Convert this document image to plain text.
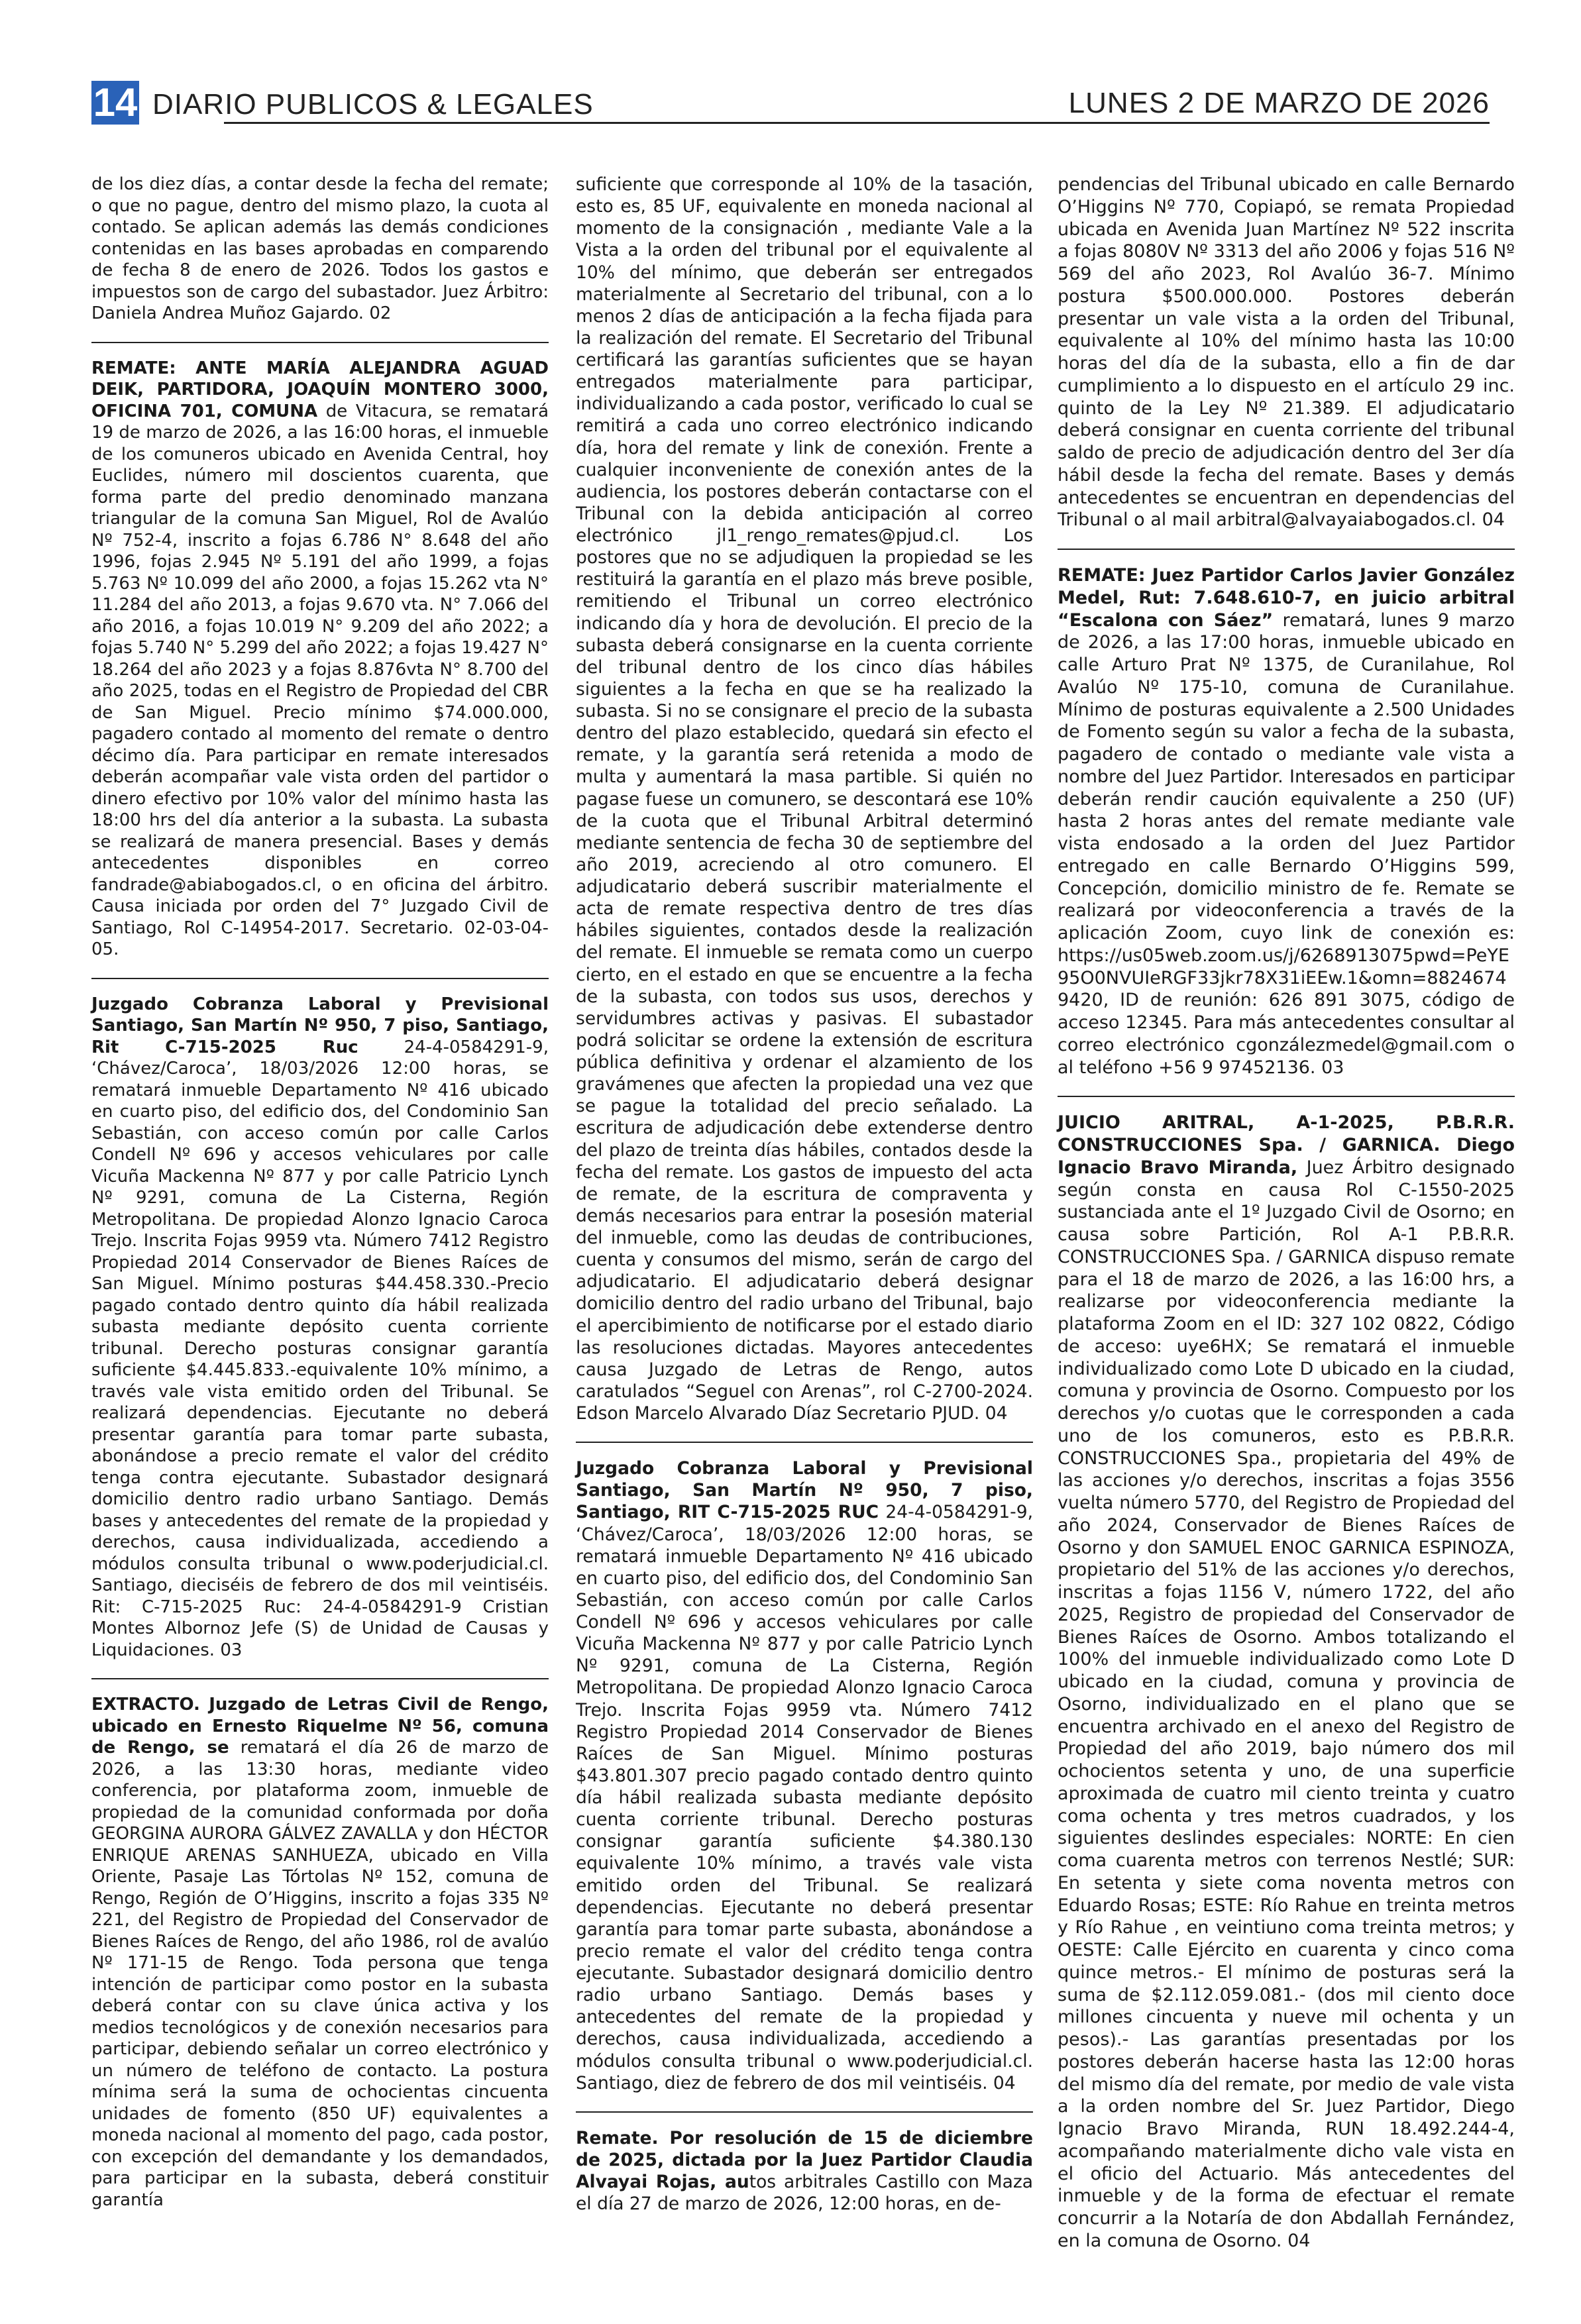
14 DIARIO PUBLICOS & LEGALES	LUNES 2 DE MARZO DE 2026

de los diez días, a contar desde la fecha del remate; o que no pague, dentro del mismo plazo, la cuota al contado. Se aplican además las demás condiciones contenidas en las bases aprobadas en comparendo de fecha 8 de enero de 2026. Todos los gastos e impuestos son de cargo del subastador. Juez Árbitro: Daniela Andrea Muñoz Gajardo. 02

REMATE: ANTE MARÍA ALEJANDRA AGUAD DEIK, PARTIDORA, JOAQUÍN MONTERO 3000, OFICINA 701, COMUNA de Vitacura, se rematará 19 de marzo de 2026, a las 16:00 horas, el inmueble de los comuneros ubicado en Avenida Central, hoy Euclides, número mil doscientos cuarenta, que forma parte del predio denominado manzana triangular de la comuna San Miguel, Rol de Avalúo Nº 752-4, inscrito a fojas 6.786 N° 8.648 del año 1996, fojas 2.945 Nº 5.191 del año 1999, a fojas 5.763 Nº 10.099 del año 2000, a fojas 15.262 vta N° 11.284 del año 2013, a fojas 9.670 vta. N° 7.066 del año 2016, a fojas 10.019 N° 9.209 del año 2022; a fojas 5.740 N° 5.299 del año 2022; a fojas 19.427 N° 18.264 del año 2023 y a fojas 8.876vta N° 8.700 del año 2025, todas en el Registro de Propiedad del CBR de San Miguel. Precio mínimo $74.000.000, pagadero contado al momento del remate o dentro décimo día. Para participar en remate interesados deberán acompañar vale vista orden del partidor o dinero efectivo por 10% valor del mínimo hasta las 18:00 hrs del día anterior a la subasta. La subasta se realizará de manera presencial. Bases y demás antecedentes disponibles en correo fandrade@abiabogados.cl, o en oficina del árbitro. Causa iniciada por orden del 7° Juzgado Civil de Santiago, Rol C-14954-2017. Secretario. 02-03-04-05.

Juzgado Cobranza Laboral y Previsional Santiago, San Martín Nº 950, 7 piso, Santiago, Rit C-715-2025 Ruc 24-4-0584291-9, ‘Chávez/Caroca’, 18/03/2026 12:00 horas, se rematará inmueble Departamento Nº 416 ubicado en cuarto piso, del edificio dos, del Condominio San Sebastián, con acceso común por calle Carlos Condell Nº 696 y accesos vehiculares por calle Vicuña Mackenna Nº 877 y por calle Patricio Lynch Nº 9291, comuna de La Cisterna, Región Metropolitana. De propiedad Alonzo Ignacio Caroca Trejo. Inscrita Fojas 9959 vta. Número 7412 Registro Propiedad 2014 Conservador de Bienes Raíces de San Miguel. Mínimo posturas $44.458.330.-Precio pagado contado dentro quinto día hábil realizada subasta mediante depósito cuenta corriente tribunal. Derecho posturas consignar garantía suficiente $4.445.833.-equivalente 10% mínimo, a través vale vista emitido orden del Tribunal. Se realizará dependencias. Ejecutante no deberá presentar garantía para tomar parte subasta, abonándose a precio remate el valor del crédito tenga contra ejecutante. Subastador designará domicilio dentro radio urbano Santiago. Demás bases y antecedentes del remate de la propiedad y derechos, causa individualizada, accediendo a módulos consulta tribunal o www.poderjudicial.cl. Santiago, dieciséis de febrero de dos mil veintiséis. Rit: C-715-2025 Ruc: 24-4-0584291-9 Cristian Montes Albornoz Jefe (S) de Unidad de Causas y Liquidaciones. 03

EXTRACTO. Juzgado de Letras Civil de Rengo, ubicado en Ernesto Riquelme Nº 56, comuna de Rengo, se rematará el día 26 de marzo de 2026, a las 13:30 horas, mediante video conferencia, por plataforma zoom, inmueble de propiedad de la comunidad conformada por doña GEORGINA AURORA GÁLVEZ ZAVALLA y don HÉCTOR ENRIQUE ARENAS SANHUEZA, ubicado en Villa Oriente, Pasaje Las Tórtolas Nº 152, comuna de Rengo, Región de O’Higgins, inscrito a fojas 335 Nº 221, del Registro de Propiedad del Conservador de Bienes Raíces de Rengo, del año 1986, rol de avalúo Nº 171-15 de Rengo. Toda persona que tenga intención de participar como postor en la subasta deberá contar con su clave única activa y los medios tecnológicos y de conexión necesarios para participar, debiendo señalar un correo electrónico y un número de teléfono de contacto. La postura mínima será la suma de ochocientas cincuenta unidades de fomento (850 UF) equivalentes a moneda nacional al momento del pago, cada postor, con excepción del demandante y los demandados, para participar en la subasta, deberá constituir garantía

suficiente que corresponde al 10% de la tasación, esto es, 85 UF, equivalente en moneda nacional al momento de la consignación , mediante Vale a la Vista a la orden del tribunal por el equivalente al 10% del mínimo, que deberán ser entregados materialmente al Secretario del tribunal, con a lo menos 2 días de anticipación a la fecha fijada para la realización del remate. El Secretario del Tribunal certificará las garantías suficientes que se hayan entregados materialmente para participar, individualizando a cada postor, verificado lo cual se remitirá a cada uno correo electrónico indicando día, hora del remate y link de conexión. Frente a cualquier inconveniente de conexión antes de la audiencia, los postores deberán contactarse con el Tribunal con la debida anticipación al correo electrónico jl1_rengo_remates@pjud.cl. Los postores que no se adjudiquen la propiedad se les restituirá la garantía en el plazo más breve posible, remitiendo el Tribunal un correo electrónico indicando día y hora de devolución. El precio de la subasta deberá consignarse en la cuenta corriente del tribunal dentro de los cinco días hábiles siguientes a la fecha en que se ha realizado la subasta. Si no se consignare el precio de la subasta dentro del plazo establecido, quedará sin efecto el remate, y la garantía será retenida a modo de multa y aumentará la masa partible. Si quién no pagase fuese un comunero, se descontará ese 10% de la cuota que el Tribunal Arbitral determinó mediante sentencia de fecha 30 de septiembre del año 2019, acreciendo al otro comunero. El adjudicatario deberá suscribir materialmente el acta de remate respectiva dentro de tres días hábiles siguientes, contados desde la realización del remate. El inmueble se remata como un cuerpo cierto, en el estado en que se encuentre a la fecha de la subasta, con todos sus usos, derechos y servidumbres activas y pasivas. El subastador podrá solicitar se ordene la extensión de escritura pública definitiva y ordenar el alzamiento de los gravámenes que afecten la propiedad una vez que se pague la totalidad del precio señalado. La escritura de adjudicación debe extenderse dentro del plazo de treinta días hábiles, contados desde la fecha del remate. Los gastos de impuesto del acta de remate, de la escritura de compraventa y demás necesarios para entrar la posesión material del inmueble, como las deudas de contribuciones, cuenta y consumos del mismo, serán de cargo del adjudicatario. El adjudicatario deberá designar domicilio dentro del radio urbano del Tribunal, bajo el apercibimiento de notificarse por el estado diario las resoluciones dictadas. Mayores antecedentes causa Juzgado de Letras de Rengo, autos caratulados “Seguel con Arenas”, rol C-2700-2024. Edson Marcelo Alvarado Díaz Secretario PJUD. 04

Juzgado Cobranza Laboral y Previsional Santiago, San Martín Nº 950, 7 piso, Santiago, RIT C-715-2025 RUC 24-4-0584291-9, ‘Chávez/Caroca’, 18/03/2026 12:00 horas, se rematará inmueble Departamento Nº 416 ubicado en cuarto piso, del edificio dos, del Condominio San Sebastián, con acceso común por calle Carlos Condell Nº 696 y accesos vehiculares por calle Vicuña Mackenna Nº 877 y por calle Patricio Lynch Nº 9291, comuna de La Cisterna, Región Metropolitana. De propiedad Alonzo Ignacio Caroca Trejo. Inscrita Fojas 9959 vta. Número 7412 Registro Propiedad 2014 Conservador de Bienes Raíces de San Miguel. Mínimo posturas $43.801.307 precio pagado contado dentro quinto día hábil realizada subasta mediante depósito cuenta corriente tribunal. Derecho posturas consignar garantía suficiente $4.380.130 equivalente 10% mínimo, a través vale vista emitido orden del Tribunal. Se realizará dependencias. Ejecutante no deberá presentar garantía para tomar parte subasta, abonándose a precio remate el valor del crédito tenga contra ejecutante. Subastador designará domicilio dentro radio urbano Santiago. Demás bases y antecedentes del remate de la propiedad y derechos, causa individualizada, accediendo a módulos consulta tribunal o www.poderjudicial.cl. Santiago, diez de febrero de dos mil veintiséis. 04

Remate. Por resolución de 15 de diciembre de 2025, dictada por la Juez Partidor Claudia Alvayai Rojas, autos arbitrales Castillo con Maza el día 27 de marzo de 2026, 12:00 horas, en de-

pendencias del Tribunal ubicado en calle Bernardo O’Higgins Nº 770, Copiapó, se remata Propiedad ubicada en Avenida Juan Martínez Nº 522 inscrita a fojas 8080V Nº 3313 del año 2006 y fojas 516 Nº 569 del año 2023, Rol Avalúo 36-7. Mínimo postura $500.000.000. Postores deberán presentar un vale vista a la orden del Tribunal, equivalente al 10% del mínimo hasta las 10:00 horas del día de la subasta, ello a fin de dar cumplimiento a lo dispuesto en el artículo 29 inc. quinto de la Ley Nº 21.389. El adjudicatario deberá consignar en cuenta corriente del tribunal saldo de precio de adjudicación dentro del 3er día hábil desde la fecha del remate. Bases y demás antecedentes se encuentran en dependencias del Tribunal o al mail arbitral@alvayaiabogados.cl. 04

REMATE: Juez Partidor Carlos Javier González Medel, Rut: 7.648.610-7, en juicio arbitral “Escalona con Sáez” rematará, lunes 9 marzo de 2026, a las 17:00 horas, inmueble ubicado en calle Arturo Prat Nº 1375, de Curanilahue, Rol Avalúo Nº 175-10, comuna de Curanilahue. Mínimo de posturas equivalente a 2.500 Unidades de Fomento según su valor a fecha de la subasta, pagadero de contado o mediante vale vista a nombre del Juez Partidor. Interesados en participar deberán rendir caución equivalente a 250 (UF) hasta 2 horas antes del remate mediante vale vista endosado a la orden del Juez Partidor entregado en calle Bernardo O’Higgins 599, Concepción, domicilio ministro de fe. Remate se realizará por videoconferencia a través de la aplicación Zoom, cuyo link de conexión es: https://us05web.zoom.us/j/6268913075pwd=PeYE95O0NVUIeRGF33jkr78X31iEEw.1&omn=88246749420, ID de reunión: 626 891 3075, código de acceso 12345. Para más antecedentes consultar al correo electrónico cgonzálezmedel@gmail.com o al teléfono +56 9 97452136. 03

JUICIO ARITRAL, A-1-2025, P.B.R.R. CONSTRUCCIONES Spa. / GARNICA. Diego Ignacio Bravo Miranda, Juez Árbitro designado según consta en causa Rol C-1550-2025 sustanciada ante el 1º Juzgado Civil de Osorno; en causa sobre Partición, Rol A-1 P.B.R.R. CONSTRUCCIONES Spa. / GARNICA dispuso remate para el 18 de marzo de 2026, a las 16:00 hrs, a realizarse por videoconferencia mediante la plataforma Zoom en el ID: 327 102 0822, Código de acceso: uye6HX; Se rematará el inmueble individualizado como Lote D ubicado en la ciudad, comuna y provincia de Osorno. Compuesto por los derechos y/o cuotas que le corresponden a cada uno de los comuneros, esto es P.B.R.R. CONSTRUCCIONES Spa., propietaria del 49% de las acciones y/o derechos, inscritas a fojas 3556 vuelta número 5770, del Registro de Propiedad del año 2024, Conservador de Bienes Raíces de Osorno y don SAMUEL ENOC GARNICA ESPINOZA, propietario del 51% de las acciones y/o derechos, inscritas a fojas 1156 V, número 1722, del año 2025, Registro de propiedad del Conservador de Bienes Raíces de Osorno. Ambos totalizando el 100% del inmueble individualizado como Lote D ubicado en la ciudad, comuna y provincia de Osorno, individualizado en el plano que se encuentra archivado en el anexo del Registro de Propiedad del año 2019, bajo número dos mil ochocientos setenta y uno, de una superficie aproximada de cuatro mil ciento treinta y cuatro coma ochenta y tres metros cuadrados, y los siguientes deslindes especiales: NORTE: En cien coma cuarenta metros con terrenos Nestlé; SUR: En setenta y siete coma noventa metros con Eduardo Rosas; ESTE: Río Rahue en treinta metros y Río Rahue , en veintiuno coma treinta metros; y OESTE: Calle Ejército en cuarenta y cinco coma quince metros.- El mínimo de posturas será la suma de $2.112.059.081.- (dos mil ciento doce millones cincuenta y nueve mil ochenta y un pesos).- Las garantías presentadas por los postores deberán hacerse hasta las 12:00 horas del mismo día del remate, por medio de vale vista a la orden nombre del Sr. Juez Partidor, Diego Ignacio Bravo Miranda, RUN 18.492.244-4, acompañando materialmente dicho vale vista en el oficio del Actuario. Más antecedentes del inmueble y de la forma de efectuar el remate concurrir a la Notaría de don Abdallah Fernández, en la comuna de Osorno. 04
